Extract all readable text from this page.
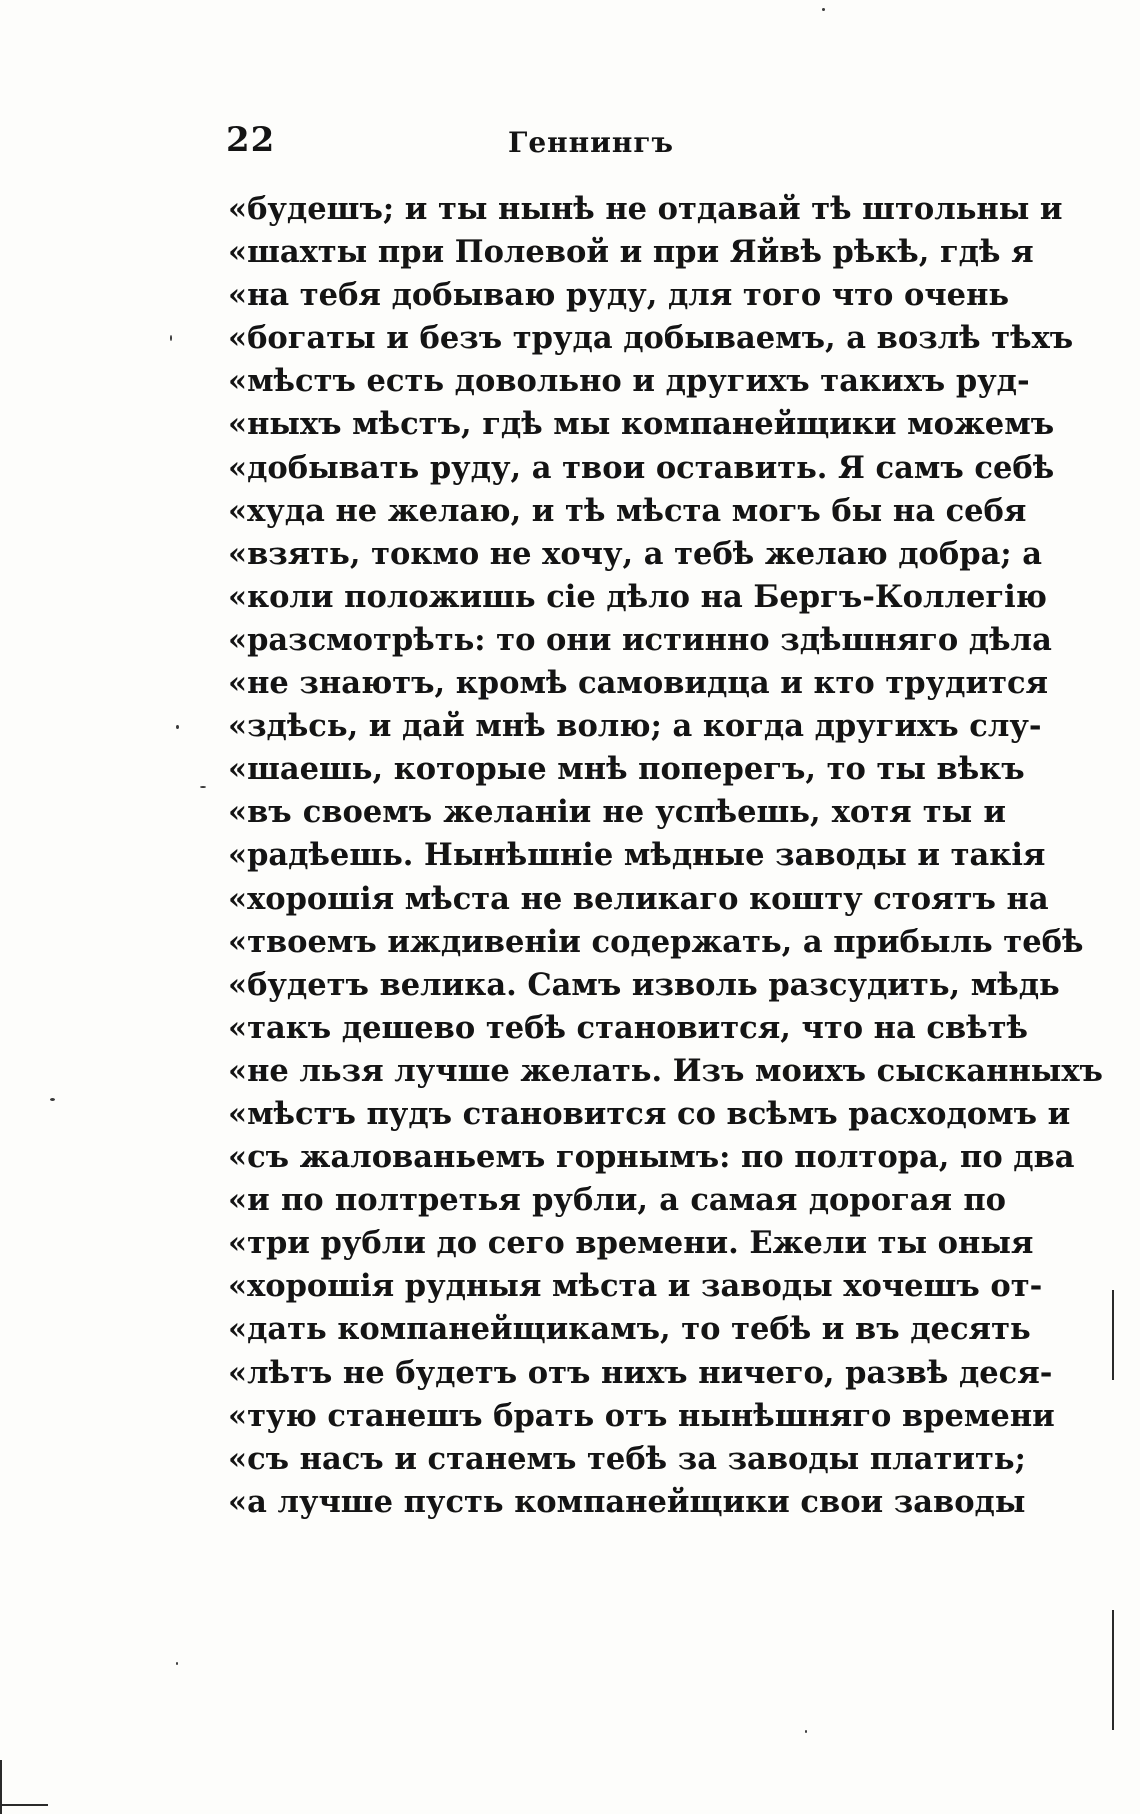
22	Геннингъ
«будешъ; и ты нынѣ не отдавай тѣ штольны и
«шахты при Полевой и при Яйвѣ рѣкѣ, гдѣ я
«на тебя добываю руду, для того что очень
«богаты и безъ труда добываемъ, а возлѣ тѣхъ
«мѣстъ есть довольно и другихъ такихъ руд-
«ныхъ мѣстъ, гдѣ мы компанейщики можемъ
«добывать руду, а твои оставить. Я самъ себѣ
«худа не желаю, и тѣ мѣста могъ бы на себя
«взять, токмо не хочу, а тебѣ желаю добра; а
«коли положишь сіе дѣло на Бергъ-Коллегію
«разсмотрѣть: то они истинно здѣшняго дѣла
«не знаютъ, кромѣ самовидца и кто трудится
«здѣсь, и дай мнѣ волю; а когда другихъ слу-
«шаешь, которые мнѣ поперегъ, то ты вѣкъ
«въ своемъ желаніи не успѣешь, хотя ты и
«радѣешь. Нынѣшніе мѣдные заводы и такія
«хорошія мѣста не великаго кошту стоятъ на
«твоемъ иждивеніи содержать, а прибыль тебѣ
«будетъ велика. Самъ изволь разсудить, мѣдь
«такъ дешево тебѣ становится, что на свѣтѣ
«не льзя лучше желать. Изъ моихъ сысканныхъ
«мѣстъ пудъ становится со всѣмъ расходомъ и
«съ жалованьемъ горнымъ: по полтора, по два
«и по полтретья рубли, а самая дорогая по
«три рубли до сего времени. Ежели ты оныя
«хорошія рудныя мѣста и заводы хочешъ от-
«дать компанейщикамъ, то тебѣ и въ десять
«лѣтъ не будетъ отъ нихъ ничего, развѣ деся-
«тую станешъ брать отъ нынѣшняго времени
«съ насъ и станемъ тебѣ за заводы платить;
«а лучше пусть компанейщики свои заводы
